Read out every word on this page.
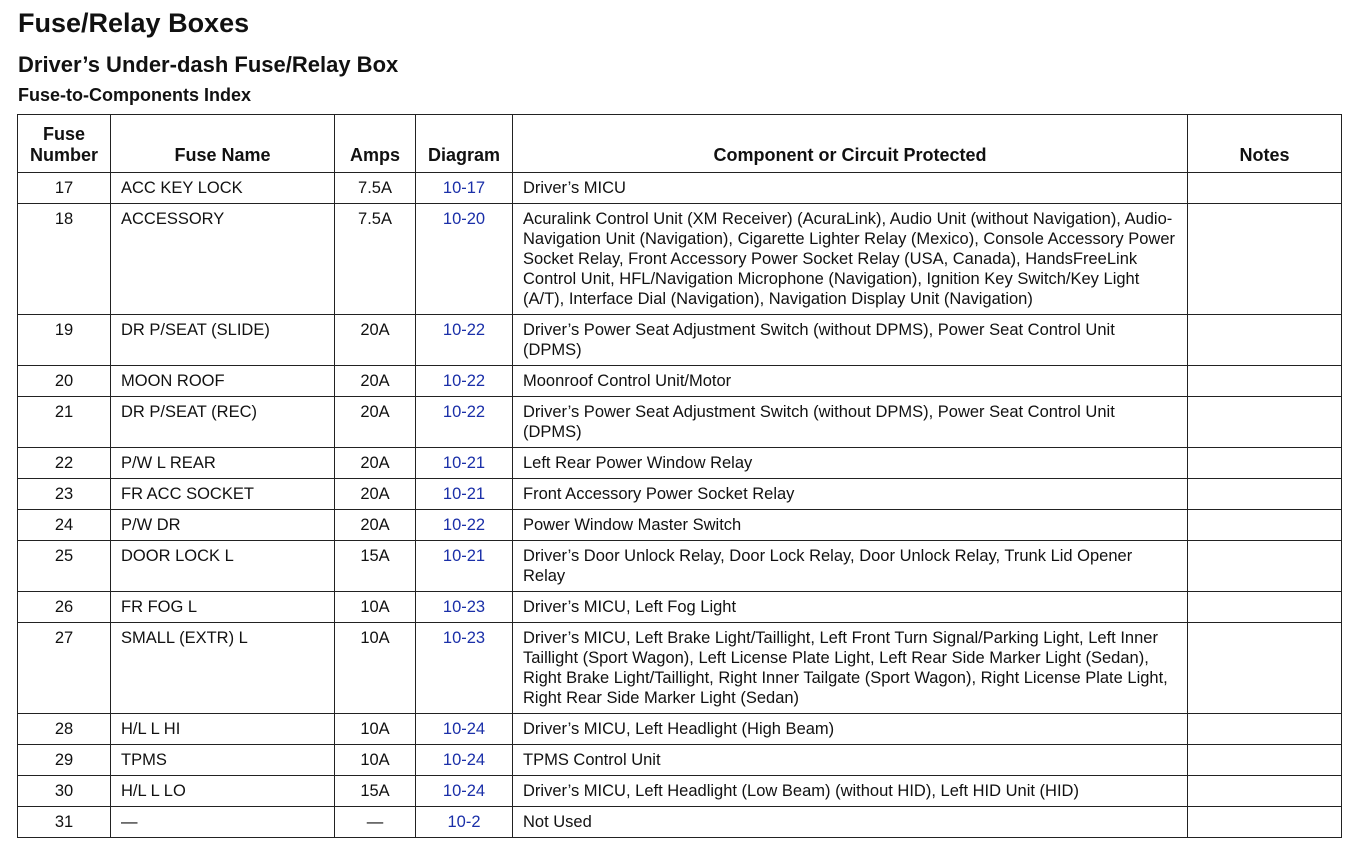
Fuse/Relay Boxes
Driver’s Under-dash Fuse/Relay Box
Fuse-to-Components Index
Fuse Number	Fuse Name	Amps	Diagram	Component or Circuit Protected	Notes
17	ACC KEY LOCK	7.5A	10-17	Driver’s MICU	
18	ACCESSORY	7.5A	10-20	Acuralink Control Unit (XM Receiver) (AcuraLink), Audio Unit (without Navigation), Audio-Navigation Unit (Navigation), Cigarette Lighter Relay (Mexico), Console Accessory Power Socket Relay, Front Accessory Power Socket Relay (USA, Canada), HandsFreeLink Control Unit, HFL/Navigation Microphone (Navigation), Ignition Key Switch/Key Light (A/T), Interface Dial (Navigation), Navigation Display Unit (Navigation)	
19	DR P/SEAT (SLIDE)	20A	10-22	Driver’s Power Seat Adjustment Switch (without DPMS), Power Seat Control Unit (DPMS)	
20	MOON ROOF	20A	10-22	Moonroof Control Unit/Motor	
21	DR P/SEAT (REC)	20A	10-22	Driver’s Power Seat Adjustment Switch (without DPMS), Power Seat Control Unit (DPMS)	
22	P/W L REAR	20A	10-21	Left Rear Power Window Relay	
23	FR ACC SOCKET	20A	10-21	Front Accessory Power Socket Relay	
24	P/W DR	20A	10-22	Power Window Master Switch	
25	DOOR LOCK L	15A	10-21	Driver’s Door Unlock Relay, Door Lock Relay, Door Unlock Relay, Trunk Lid Opener Relay	
26	FR FOG L	10A	10-23	Driver’s MICU, Left Fog Light	
27	SMALL (EXTR) L	10A	10-23	Driver’s MICU, Left Brake Light/Taillight, Left Front Turn Signal/Parking Light, Left Inner Taillight (Sport Wagon), Left License Plate Light, Left Rear Side Marker Light (Sedan), Right Brake Light/Taillight, Right Inner Tailgate (Sport Wagon), Right License Plate Light, Right Rear Side Marker Light (Sedan)	
28	H/L L HI	10A	10-24	Driver’s MICU, Left Headlight (High Beam)	
29	TPMS	10A	10-24	TPMS Control Unit	
30	H/L L LO	15A	10-24	Driver’s MICU, Left Headlight (Low Beam) (without HID), Left HID Unit (HID)	
31	—	—	10-2	Not Used	
